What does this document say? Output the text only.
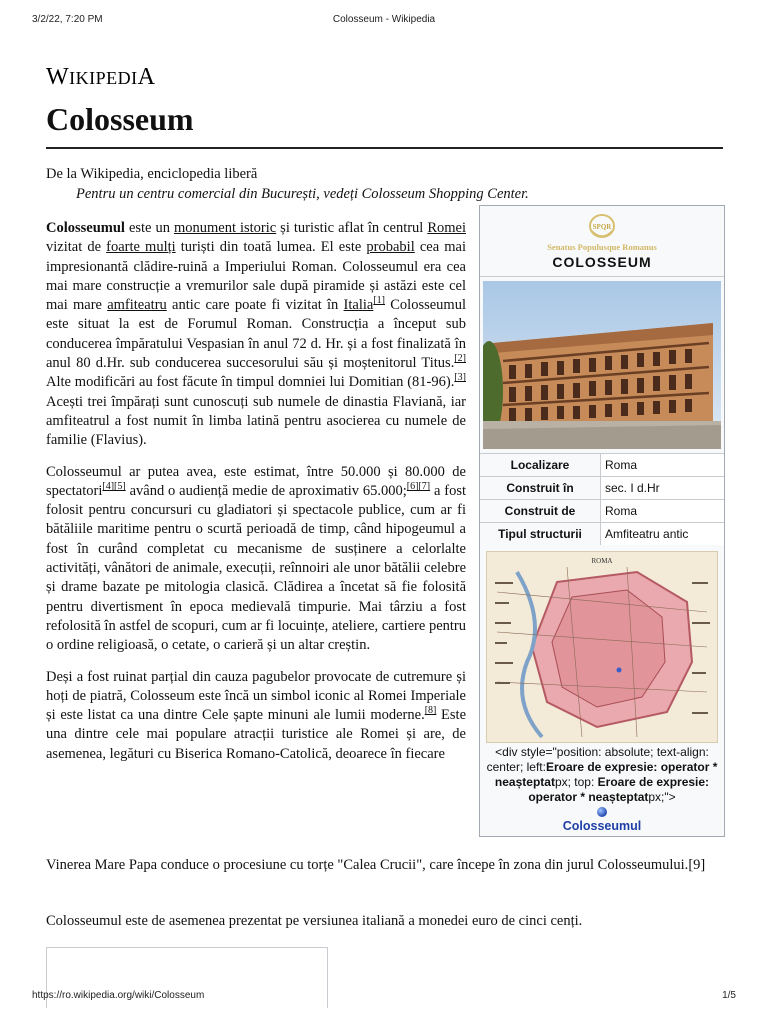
3/2/22, 7:20 PM	Colosseum - Wikipedia
WIKIPEDIA
Colosseum
De la Wikipedia, enciclopedia liberă
Pentru un centru comercial din București, vedeți Colosseum Shopping Center.

Colosseumul este un monument istoric și turistic aflat în centrul Romei vizitat de foarte mulți turiști din toată lumea. El este probabil cea mai impresionantă clădire-ruină a Imperiului Roman. Colosseumul era cea mai mare construcție a vremurilor sale după piramide și astăzi este cel mai mare amfiteatru antic care poate fi vizitat în Italia[1] Colosseumul este situat la est de Forumul Roman. Construcția a început sub conducerea împăratului Vespasian în anul 72 d. Hr. și a fost finalizată în anul 80 d.Hr. sub conducerea succesorului său și moștenitorul Titus.[2] Alte modificări au fost făcute în timpul domniei lui Domitian (81-96).[3] Acești trei împărați sunt cunoscuți sub numele de dinastia Flaviană, iar amfiteatrul a fost numit în limba latină pentru asocierea cu numele de familie (Flavius).

Colosseumul ar putea avea, este estimat, între 50.000 și 80.000 de spectatori[4][5] având o audiență medie de aproximativ 65.000;[6][7] a fost folosit pentru concursuri cu gladiatori și spectacole publice, cum ar fi bătăliile maritime pentru o scurtă perioadă de timp, când hipogeumul a fost în curând completat cu mecanisme de susținere a celorlalte activități, vânători de animale, execuții, reînnoiri ale unor bătălii celebre și drame bazate pe mitologia clasică. Clădirea a încetat să fie folosită pentru divertisment în epoca medievală timpurie. Mai târziu a fost refolosită în astfel de scopuri, cum ar fi locuințe, ateliere, cartiere pentru o ordine religioasă, o cetate, o carieră și un altar creștin.

Deși a fost ruinat parțial din cauza pagubelor provocate de cutremure și hoți de piatră, Colosseum este încă un simbol iconic al Romei Imperiale și este listat ca una dintre Cele șapte minuni ale lumii moderne.[8] Este una dintre cele mai populare atracții turistice ale Romei și are, de asemenea, legături cu Biserica Romano-Catolică, deoarece în fiecare

Vinerea Mare Papa conduce o procesiune cu torțe "Calea Crucii", care începe în zona din jurul Colosseumului.[9]
Colosseumul este de asemenea prezentat pe versiunea italiană a monedei euro de cinci cenți.
SPQR
Senatus Populusque Romanus
COLOSSEUM
Localizare	Roma
Construit în	sec. I d.Hr
Construit de	Roma
Tipul structurii	Amfiteatru antic
ROMA
<div style="position: absolute; text-align: center; left:Eroare de expresie: operator * neașteptatpx; top: Eroare de expresie: operator * neașteptatpx;">
Colosseumul
https://ro.wikipedia.org/wiki/Colosseum	1/5
